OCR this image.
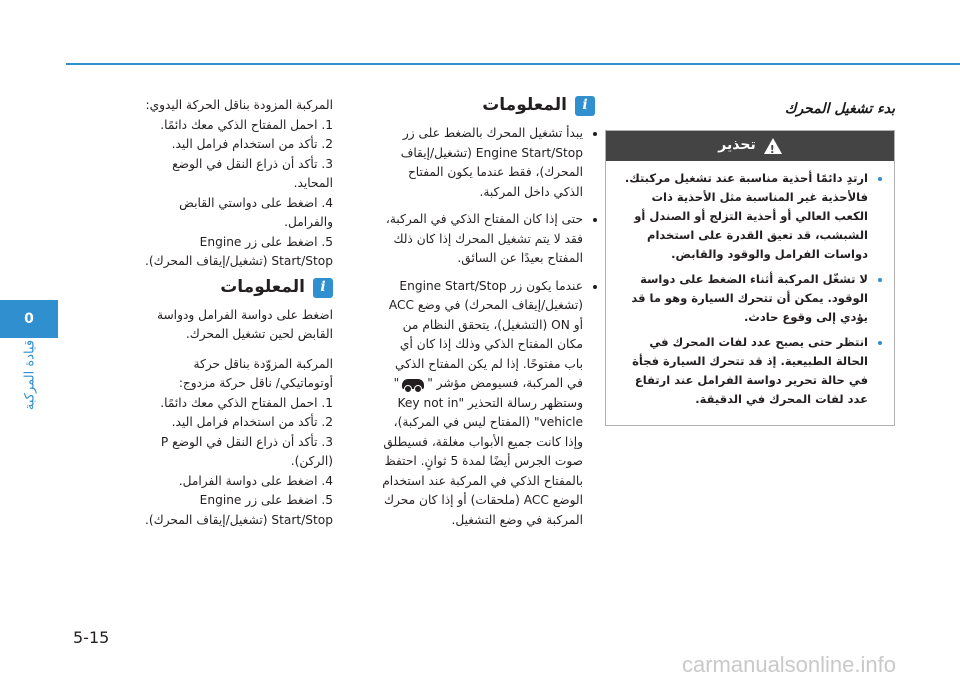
0
قيادة المركبة
5-15
بدء تشغيل المحرك
!
تحذير
• ارتدِ دائمًا أحذية مناسبة عند تشغيل مركبتك. فالأحذية غير المناسبة مثل الأحذية ذات الكعب العالي أو أحذية التزلج أو الصندل أو الشبشب، قد تعيق القدرة على استخدام دواسات الفرامل والوقود والقابض.
• لا تشغّل المركبة أثناء الضغط على دواسة الوقود. يمكن أن تتحرك السيارة وهو ما قد يؤدي إلى وقوع حادث.
• انتظر حتى يصبح عدد لفات المحرك في الحالة الطبيعية. إذ قد تتحرك السيارة فجأة في حالة تحرير دواسة الفرامل عند ارتفاع عدد لفات المحرك في الدقيقة.
i
المعلومات
• يبدأ تشغيل المحرك بالضغط على زر Engine Start/Stop (تشغيل/إيقاف المحرك)، فقط عندما يكون المفتاح الذكي داخل المركبة.
• حتى إذا كان المفتاح الذكي في المركبة، فقد لا يتم تشغيل المحرك إذا كان ذلك المفتاح بعيدًا عن السائق.
• عندما يكون زر Engine Start/Stop (تشغيل/إيقاف المحرك) في وضع ACC أو ON (التشغيل)، يتحقق النظام من مكان المفتاح الذكي وذلك إذا كان أي باب مفتوحًا. إذا لم يكن المفتاح الذكي في المركبة، فسيومض مؤشر "" وستظهر رسالة التحذير "Key not in vehicle" (المفتاح ليس في المركبة)، وإذا كانت جميع الأبواب مغلقة، فسيطلق صوت الجرس أيضًا لمدة 5 ثوانٍ. احتفظ بالمفتاح الذكي في المركبة عند استخدام الوضع ACC (ملحقات) أو إذا كان محرك المركبة في وضع التشغيل.

المركبة المزودة بناقل الحركة اليدوي:

1. احمل المفتاح الذكي معك دائمًا.
2. تأكد من استخدام فرامل اليد.
3. تأكد أن ذراع النقل في الوضع المحايد.
4. اضغط على دواستي القابض والفرامل.
5. اضغط على زر Engine Start/Stop (تشغيل/إيقاف المحرك).
i
المعلومات

اضغط على دواسة الفرامل ودواسة القابض لحين تشغيل المحرك.

المركبة المزوّدة بناقل حركة أوتوماتيكي/ ناقل حركة مزدوج:

1. احمل المفتاح الذكي معك دائمًا.
2. تأكد من استخدام فرامل اليد.
3. تأكد أن ذراع النقل في الوضع P (الركن).
4. اضغط على دواسة الفرامل.
5. اضغط على زر Engine Start/Stop (تشغيل/إيقاف المحرك).
carmanualsonline.info
